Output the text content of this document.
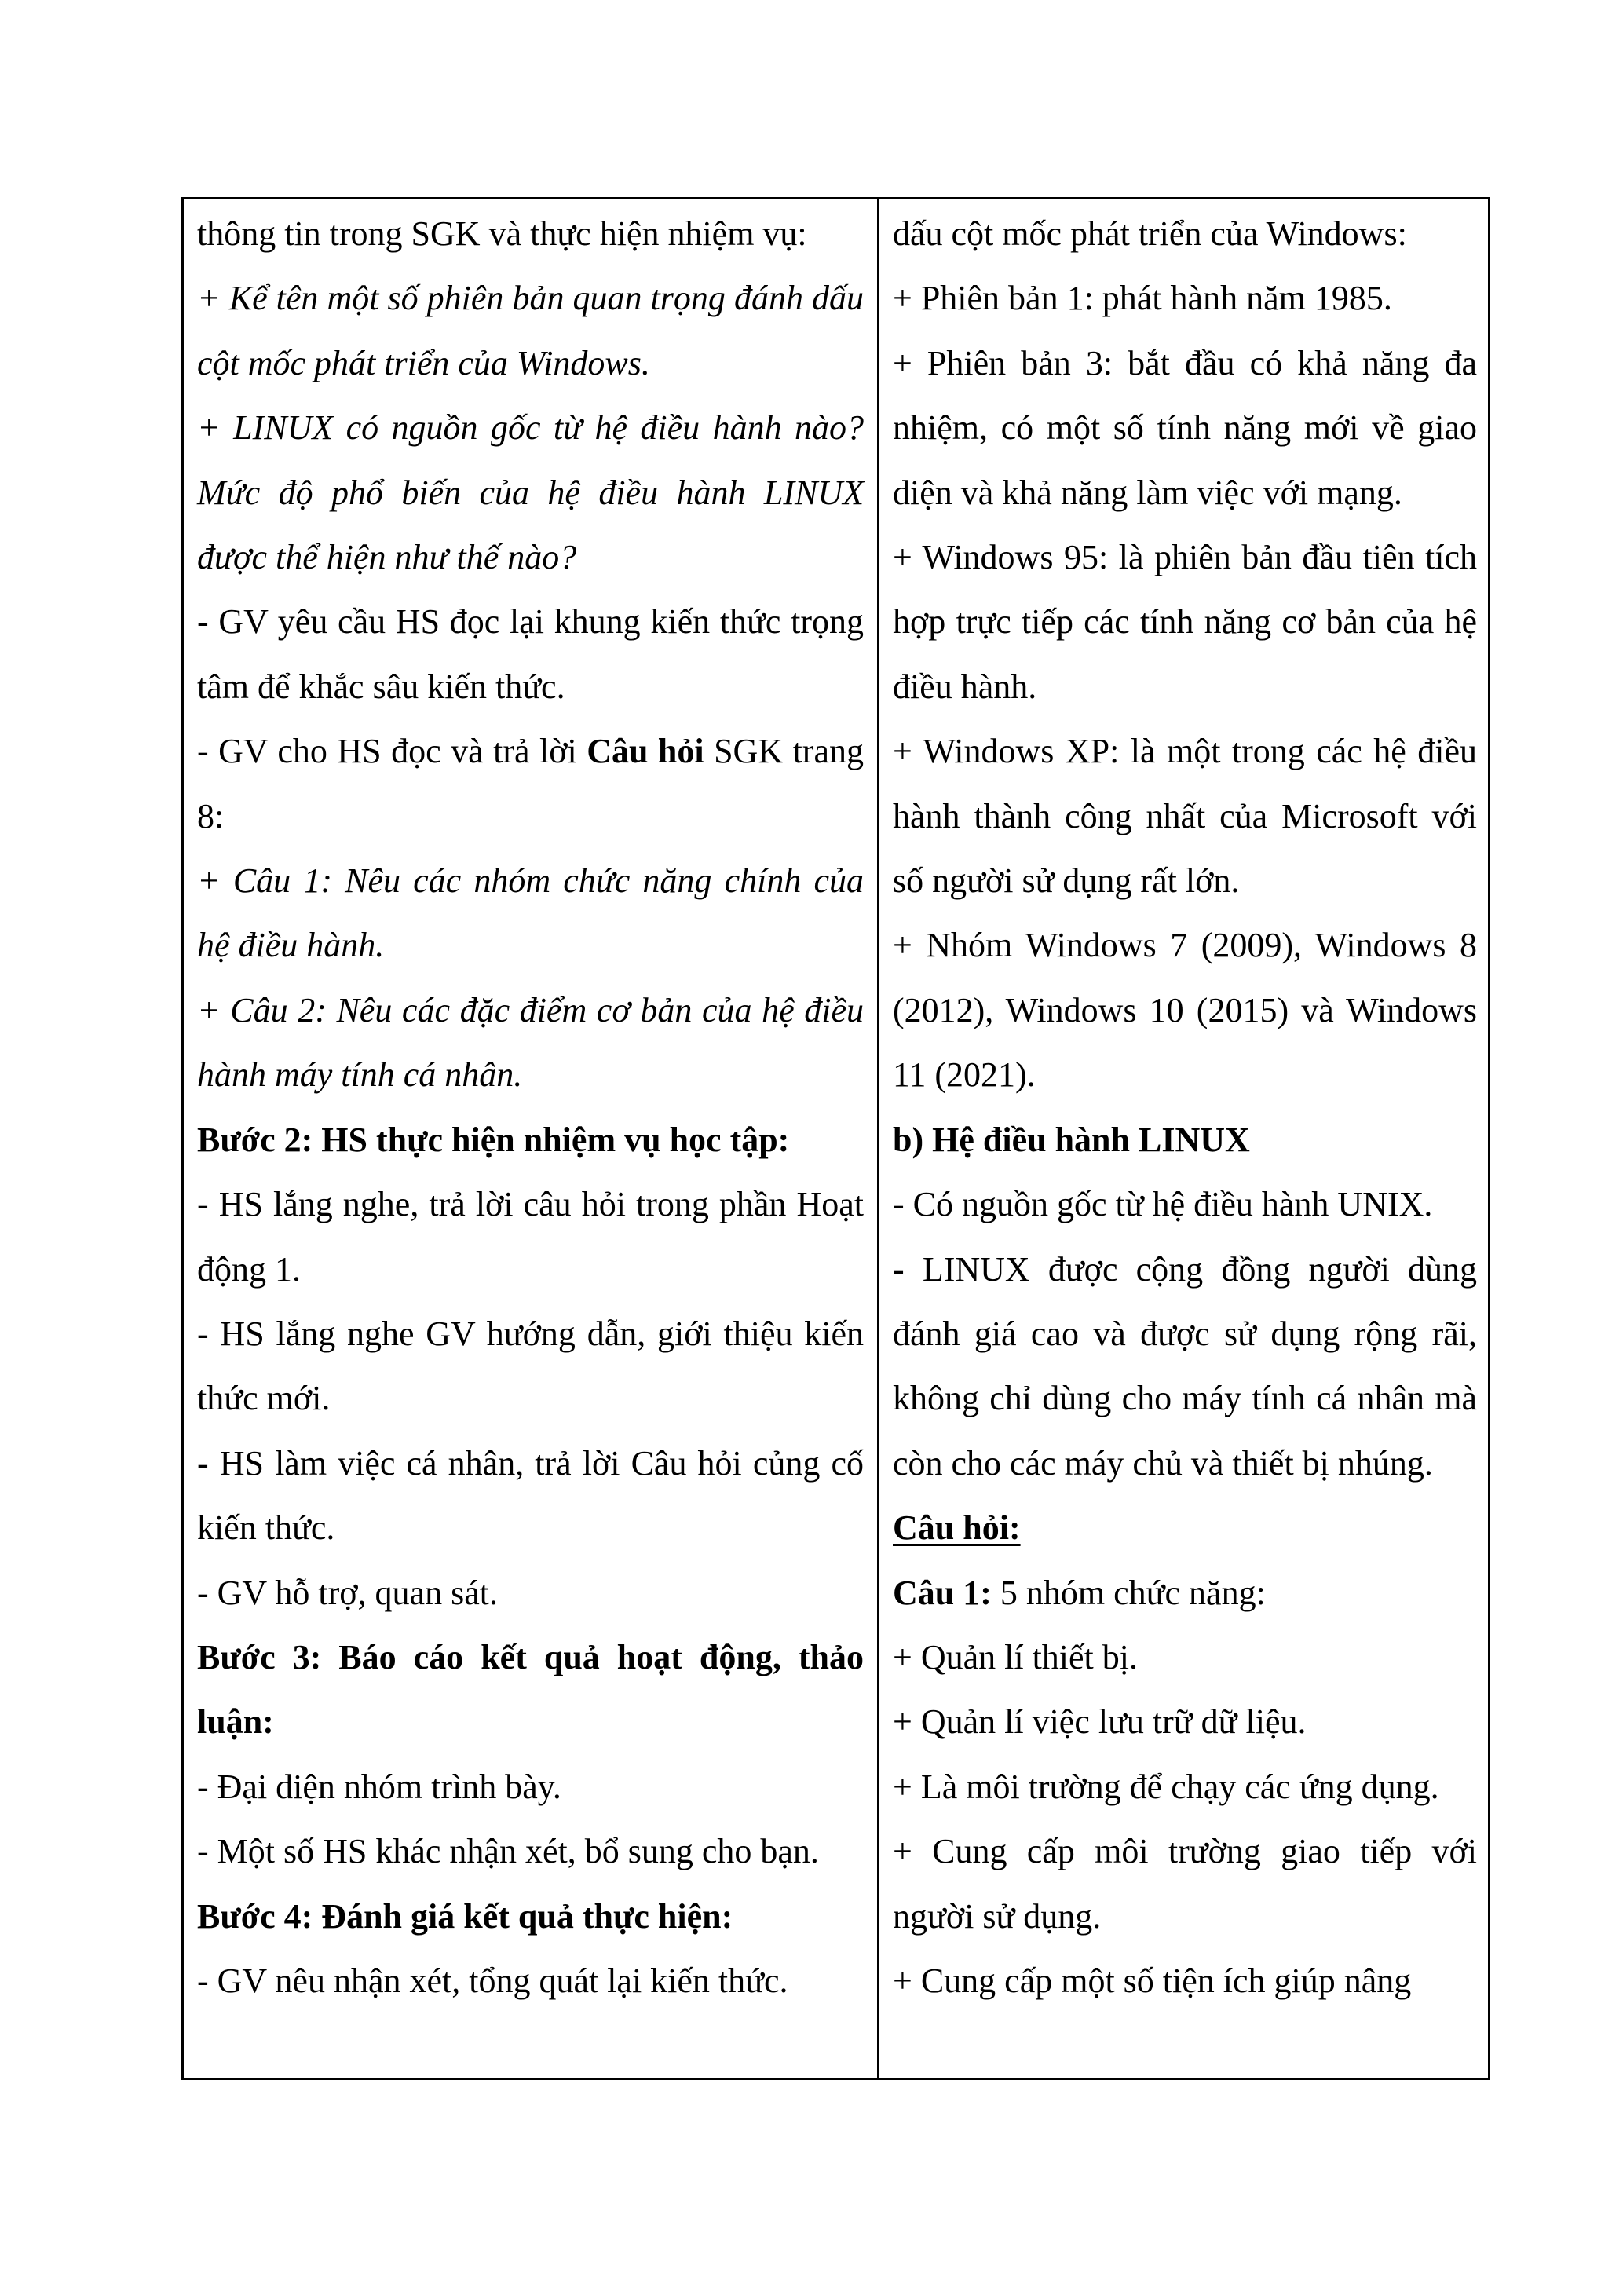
thông tin trong SGK và thực hiện nhiệm vụ:

+ Kể tên một số phiên bản quan trọng đánh dấu cột mốc phát triển của Windows.

+ LINUX có nguồn gốc từ hệ điều hành nào? Mức độ phổ biến của hệ điều hành LINUX được thể hiện như thế nào?

- GV yêu cầu HS đọc lại khung kiến thức trọng tâm để khắc sâu kiến thức.

- GV cho HS đọc và trả lời Câu hỏi SGK trang 8:

+ Câu 1: Nêu các nhóm chức năng chính của hệ điều hành.

+ Câu 2: Nêu các đặc điểm cơ bản của hệ điều hành máy tính cá nhân.

Bước 2: HS thực hiện nhiệm vụ học tập:

- HS lắng nghe, trả lời câu hỏi trong phần Hoạt động 1.

- HS lắng nghe GV hướng dẫn, giới thiệu kiến thức mới.

- HS làm việc cá nhân, trả lời Câu hỏi củng cố kiến thức.

- GV hỗ trợ, quan sát.

Bước 3: Báo cáo kết quả hoạt động, thảo luận:

- Đại diện nhóm trình bày.

- Một số HS khác nhận xét, bổ sung cho bạn.

Bước 4: Đánh giá kết quả thực hiện:

- GV nêu nhận xét, tổng quát lại kiến thức.

dấu cột mốc phát triển của Windows:

+ Phiên bản 1: phát hành năm 1985.

+ Phiên bản 3: bắt đầu có khả năng đa nhiệm, có một số tính năng mới về giao diện và khả năng làm việc với mạng.

+ Windows 95: là phiên bản đầu tiên tích hợp trực tiếp các tính năng cơ bản của hệ điều hành.

+ Windows XP: là một trong các hệ điều hành thành công nhất của Microsoft với số người sử dụng rất lớn.

+ Nhóm Windows 7 (2009), Windows 8 (2012), Windows 10 (2015) và Windows 11 (2021).

b) Hệ điều hành LINUX

- Có nguồn gốc từ hệ điều hành UNIX.

- LINUX được cộng đồng người dùng đánh giá cao và được sử dụng rộng rãi, không chỉ dùng cho máy tính cá nhân mà còn cho các máy chủ và thiết bị nhúng.

Câu hỏi:

Câu 1: 5 nhóm chức năng:

+ Quản lí thiết bị.

+ Quản lí việc lưu trữ dữ liệu.

+ Là môi trường để chạy các ứng dụng.

+ Cung cấp môi trường giao tiếp với người sử dụng.

+ Cung cấp một số tiện ích giúp nâng
